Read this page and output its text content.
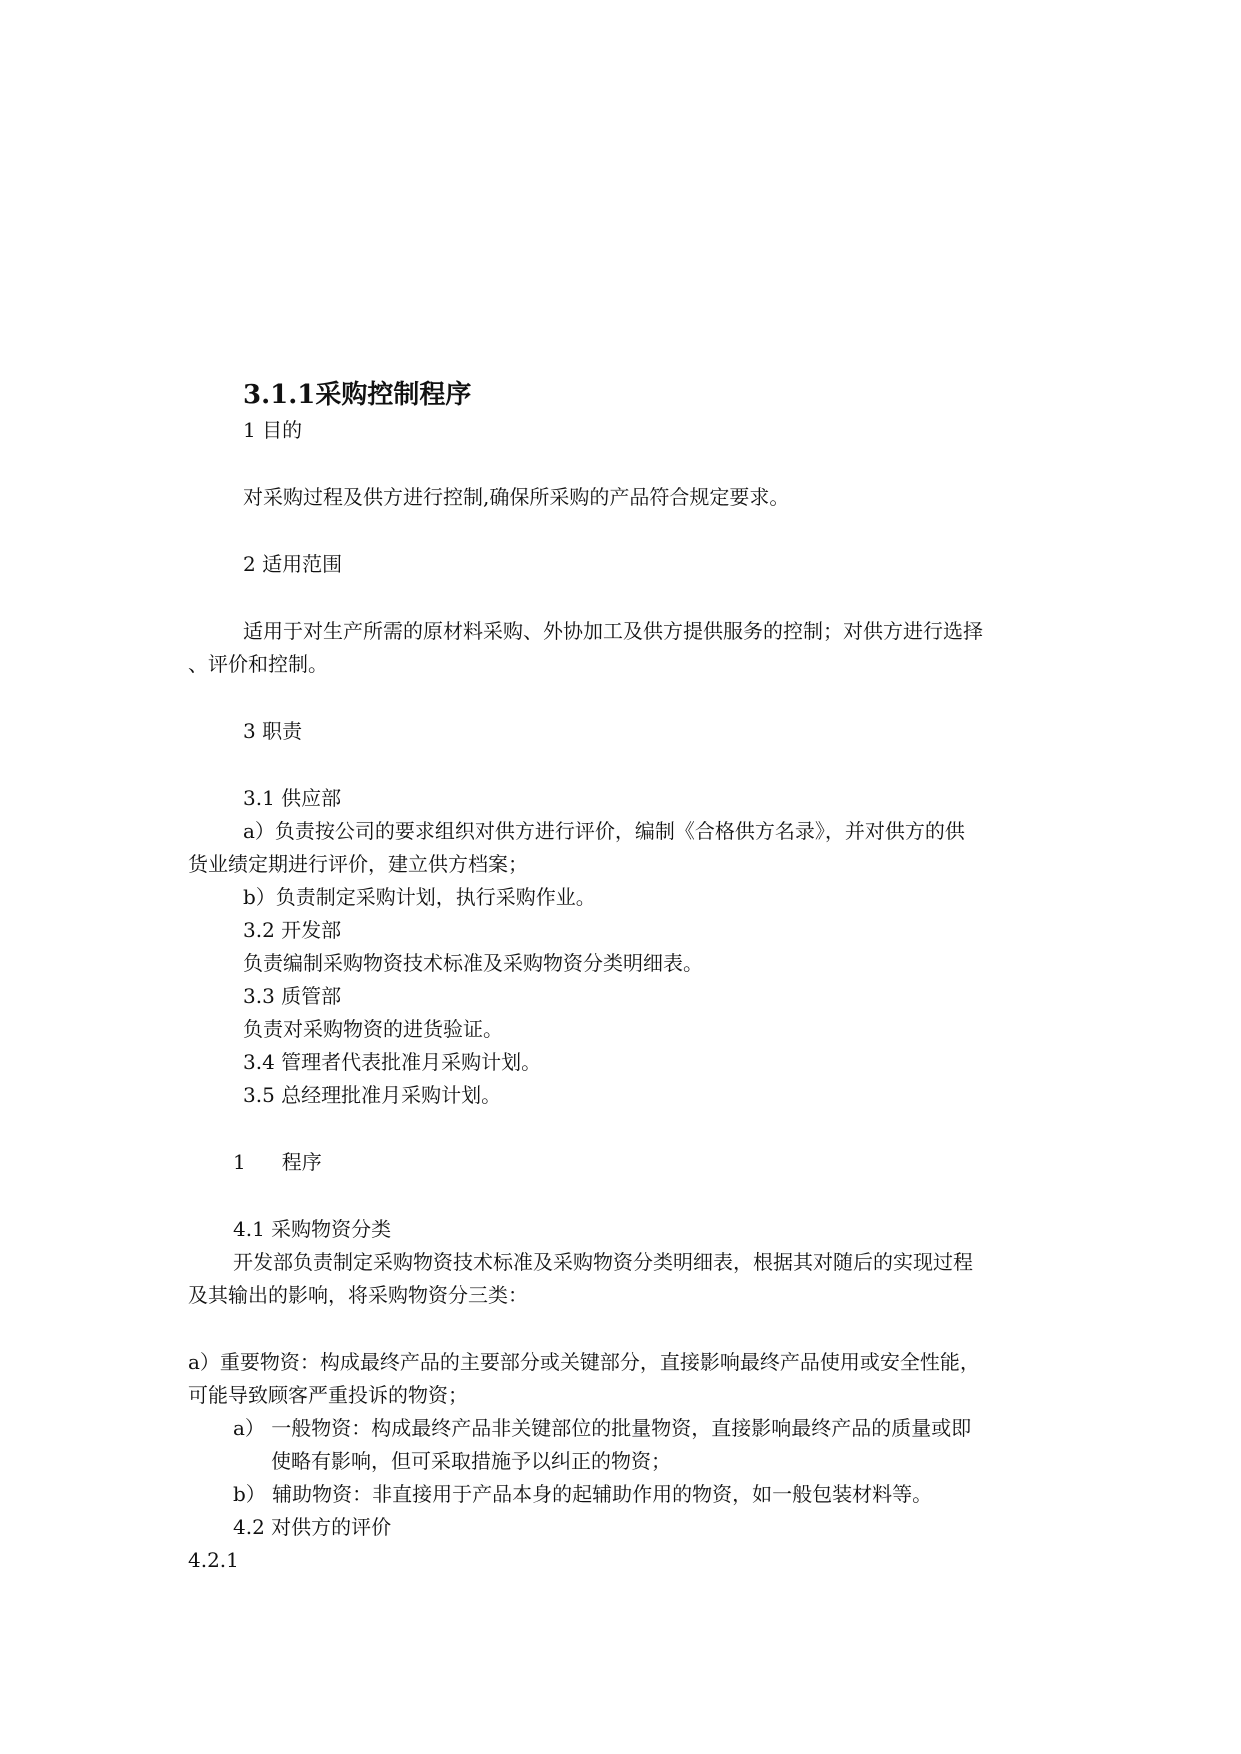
3.1.1采购控制程序
1 目的
对采购过程及供方进行控制,确保所采购的产品符合规定要求。
2 适用范围
适用于对生产所需的原材料采购、外协加工及供方提供服务的控制；对供方进行选择
、评价和控制。
3 职责
3.1 供应部
a）负责按公司的要求组织对供方进行评价，编制《合格供方名录》，并对供方的供
货业绩定期进行评价，建立供方档案；
b）负责制定采购计划，执行采购作业。
3.2 开发部
负责编制采购物资技术标准及采购物资分类明细表。
3.3 质管部
负责对采购物资的进货验证。
3.4 管理者代表批准月采购计划。
3.5 总经理批准月采购计划。
1 程序
4.1 采购物资分类
开发部负责制定采购物资技术标准及采购物资分类明细表，根据其对随后的实现过程
及其输出的影响，将采购物资分三类：
a）重要物资：构成最终产品的主要部分或关键部分，直接影响最终产品使用或安全性能，
可能导致顾客严重投诉的物资；
a） 一般物资：构成最终产品非关键部位的批量物资，直接影响最终产品的质量或即
使略有影响，但可采取措施予以纠正的物资；
b） 辅助物资：非直接用于产品本身的起辅助作用的物资，如一般包装材料等。
4.2 对供方的评价
4.2.1
